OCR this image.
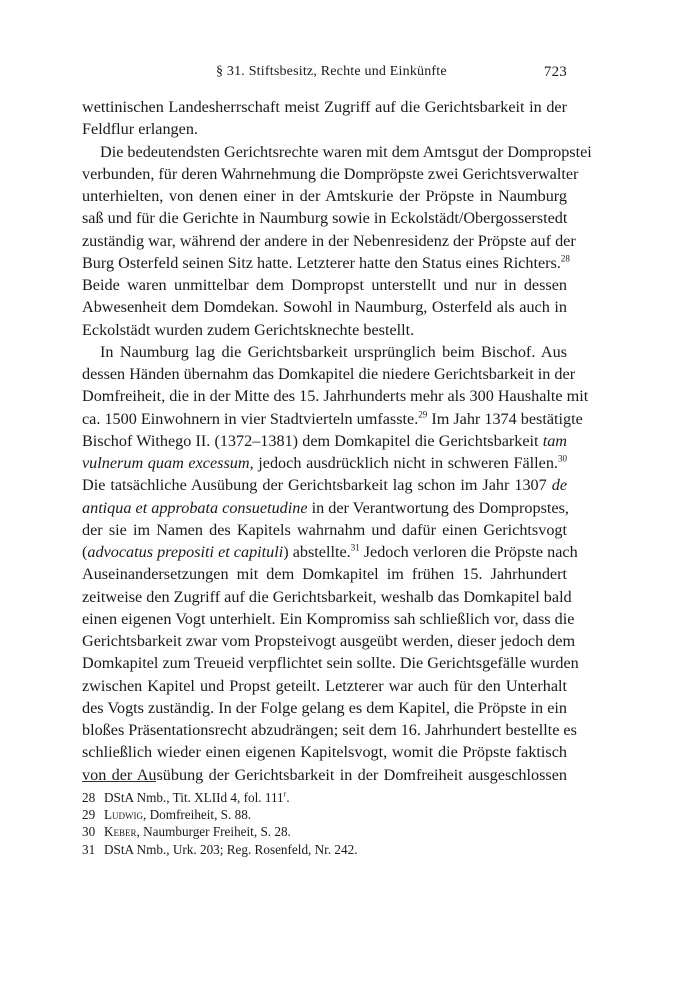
§ 31. Stiftsbesitz, Rechte und Einkünfte	723
wettinischen Landesherrschaft meist Zugriff auf die Gerichtsbarkeit in der
Feldflur erlangen.
Die bedeutendsten Gerichtsrechte waren mit dem Amtsgut der Dompropstei
verbunden, für deren Wahrnehmung die Dompröpste zwei Gerichtsverwalter
unterhielten, von denen einer in der Amtskurie der Pröpste in Naumburg
saß und für die Gerichte in Naumburg sowie in Eckolstädt/Obergosserstedt
zuständig war, während der andere in der Nebenresidenz der Pröpste auf der
Burg Osterfeld seinen Sitz hatte. Letzterer hatte den Status eines Richters.$^{28}$
Beide waren unmittelbar dem Dompropst unterstellt und nur in dessen
Abwesenheit dem Domdekan. Sowohl in Naumburg, Osterfeld als auch in
Eckolstädt wurden zudem Gerichtsknechte bestellt.
In Naumburg lag die Gerichtsbarkeit ursprünglich beim Bischof. Aus
dessen Händen übernahm das Domkapitel die niedere Gerichtsbarkeit in der
Domfreiheit, die in der Mitte des 15. Jahrhunderts mehr als 300 Haushalte mit
ca. 1500 Einwohnern in vier Stadtvierteln umfasste.$^{29}$ Im Jahr 1374 bestätigte
Bischof Withego II. (1372–1381) dem Domkapitel die Gerichtsbarkeit tam
vulnerum quam excessum, jedoch ausdrücklich nicht in schweren Fällen.$^{30}$
Die tatsächliche Ausübung der Gerichtsbarkeit lag schon im Jahr 1307 de
antiqua et approbata consuetudine in der Verantwortung des Dompropstes,
der sie im Namen des Kapitels wahrnahm und dafür einen Gerichtsvogt
(advocatus prepositi et capituli) abstellte.$^{31}$ Jedoch verloren die Pröpste nach
Auseinandersetzungen mit dem Domkapitel im frühen 15. Jahrhundert
zeitweise den Zugriff auf die Gerichtsbarkeit, weshalb das Domkapitel bald
einen eigenen Vogt unterhielt. Ein Kompromiss sah schließlich vor, dass die
Gerichtsbarkeit zwar vom Propsteivogt ausgeübt werden, dieser jedoch dem
Domkapitel zum Treueid verpflichtet sein sollte. Die Gerichtsgefälle wurden
zwischen Kapitel und Propst geteilt. Letzterer war auch für den Unterhalt
des Vogts zuständig. In der Folge gelang es dem Kapitel, die Pröpste in ein
bloßes Präsentationsrecht abzudrängen; seit dem 16. Jahrhundert bestellte es
schließlich wieder einen eigenen Kapitelsvogt, womit die Pröpste faktisch
von der Ausübung der Gerichtsbarkeit in der Domfreiheit ausgeschlossen
28 DStA Nmb., Tit. XLIId 4, fol. 111$^r$.
29 Ludwig, Domfreiheit, S. 88.
30 Keber, Naumburger Freiheit, S. 28.
31 DStA Nmb., Urk. 203; Reg. Rosenfeld, Nr. 242.
